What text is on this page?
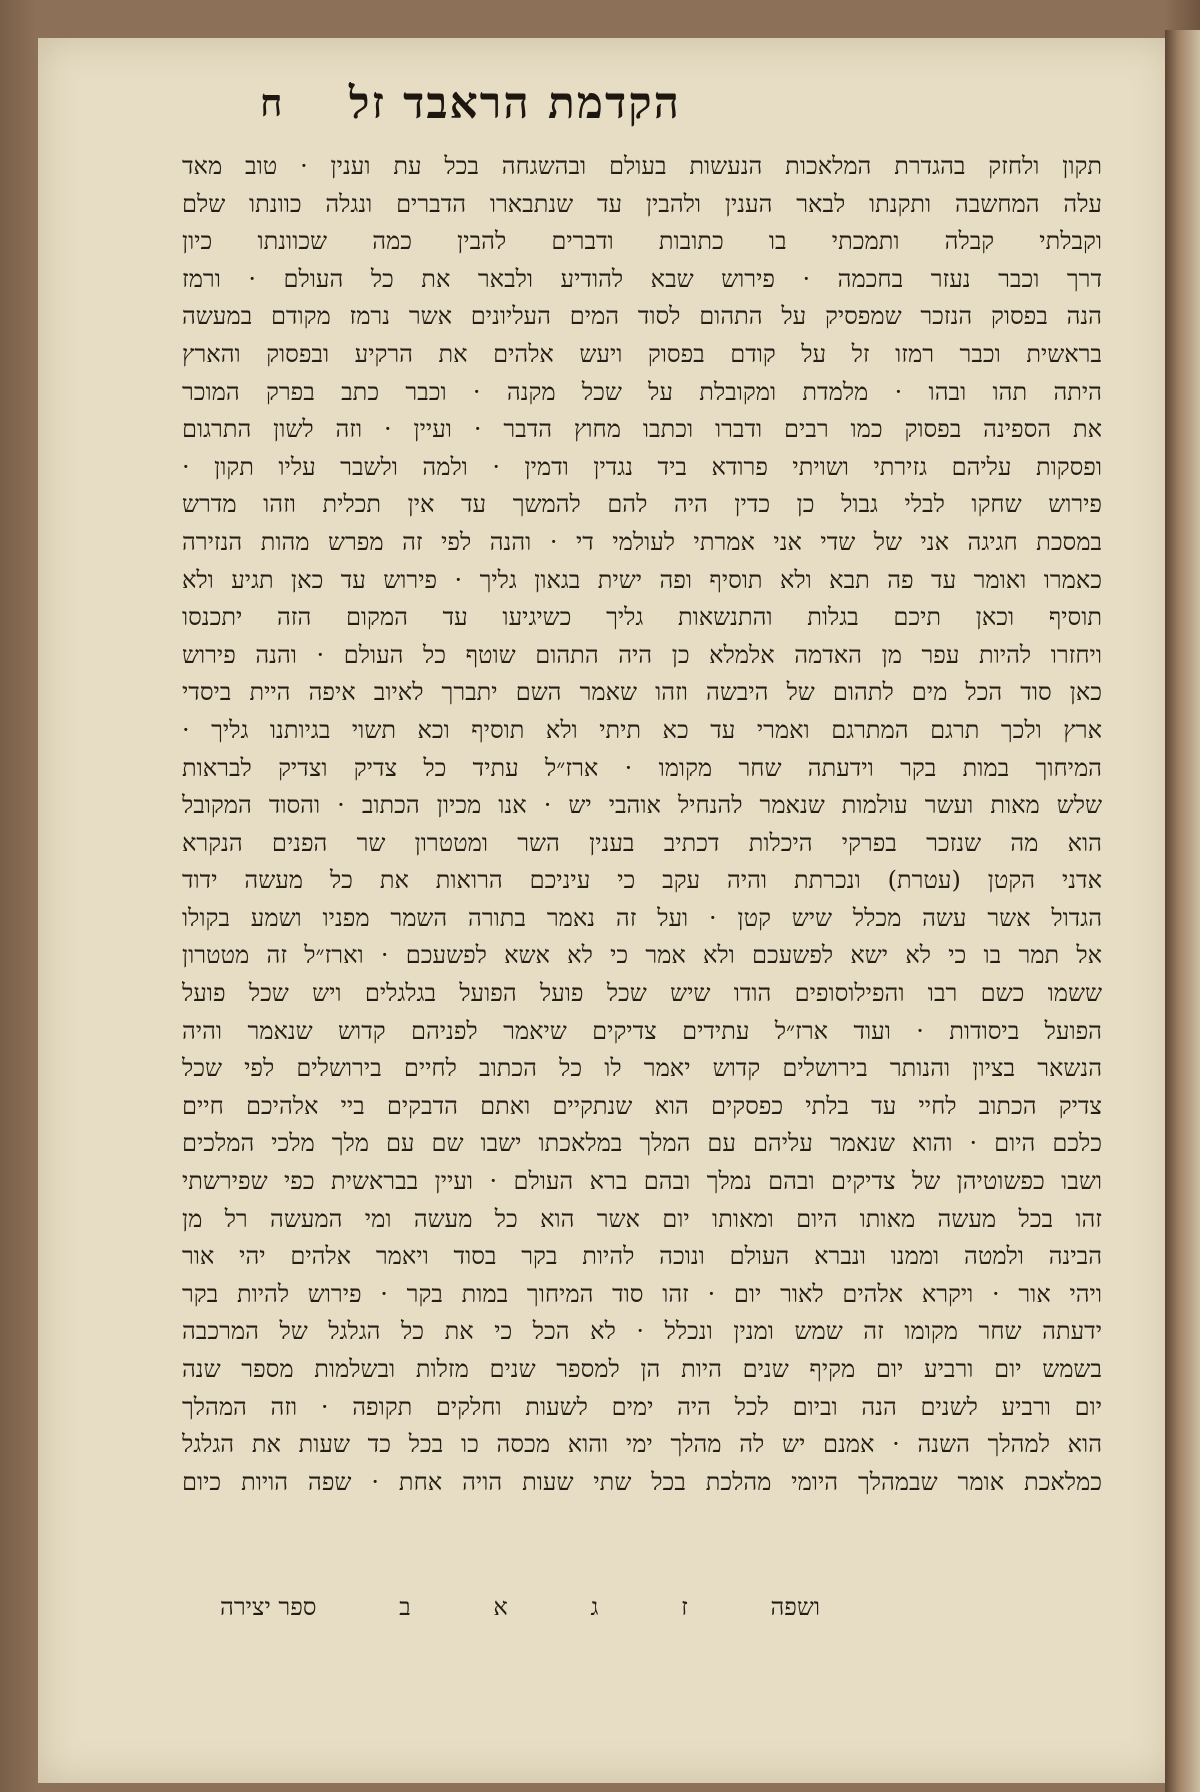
הקדמת הראבד זל
ח
תקון ולחזק בהגדרת המלאכות הנעשות בעולם ובהשגחה בכל עת וענין · טוב מאד
עלה המחשבה ותקנתו לבאר הענין ולהבין עד שנתבארו הדברים ונגלה כוונתו שלם
וקבלתי קבלה ותמכתי בו כתובות ודברים להבין כמה שכוונתו כיון
דרך וכבר נעזר בחכמה · פירוש שבא להודיע ולבאר את כל העולם · ורמז
הנה בפסוק הנזכר שמפסיק על התהום לסוד המים העליונים אשר נרמז מקודם במעשה
בראשית וכבר רמזו זל על קודם בפסוק ויעש אלהים את הרקיע ובפסוק והארץ
היתה תהו ובהו · מלמדת ומקובלת על שכל מקנה · וכבר כתב בפרק המוכר
את הספינה בפסוק כמו רבים ודברו וכתבו מחוץ הדבר · ועיין · וזה לשון התרגום
ופסקות עליהם גזירתי ושויתי פרודא ביד נגדין ודמין · ולמה ולשבר עליו תקון ·
פירוש שחקו לבלי גבול כן כדין היה להם להמשך עד אין תכלית וזהו מדרש
במסכת חגיגה אני של שדי אני אמרתי לעולמי די · והנה לפי זה מפרש מהות הנזירה
כאמרו ואומר עד פה תבא ולא תוסיף ופה ישית בגאון גליך · פירוש עד כאן תגיע ולא
תוסיף וכאן תיכם בגלות והתנשאות גליך כשיגיעו עד המקום הזה יתכנסו
ויחזרו להיות עפר מן האדמה אלמלא כן היה התהום שוטף כל העולם · והנה פירוש
כאן סוד הכל מים לתהום של היבשה וזהו שאמר השם יתברך לאיוב איפה היית ביסדי
ארץ ולכך תרגם המתרגם ואמרי עד כא תיתי ולא תוסיף וכא תשוי בגיותנו גליך ·
המיחוך במות בקר וידעתה שחר מקומו · ארז״ל עתיד כל צדיק וצדיק לבראות
שלש מאות ועשר עולמות שנאמר להנחיל אוהבי יש · אנו מכיון הכתוב · והסוד המקובל
הוא מה שנזכר בפרקי היכלות דכתיב בענין השר ומטטרון שר הפנים הנקרא
אדני הקטן (עטרת) ונכרתת והיה עקב כי עיניכם הרואות את כל מעשה ידוד
הגדול אשר עשה מכלל שיש קטן · ועל זה נאמר בתורה השמר מפניו ושמע בקולו
אל תמר בו כי לא ישא לפשעכם ולא אמר כי לא אשא לפשעכם · וארז״ל זה מטטרון
ששמו כשם רבו והפילוסופים הודו שיש שכל פועל הפועל בגלגלים ויש שכל פועל
הפועל ביסודות · ועוד ארז״ל עתידים צדיקים שיאמר לפניהם קדוש שנאמר והיה
הנשאר בציון והנותר בירושלים קדוש יאמר לו כל הכתוב לחיים בירושלים לפי שכל
צדיק הכתוב לחיי עד בלתי כפסקים הוא שנתקיים ואתם הדבקים ביי אלהיכם חיים
כלכם היום · והוא שנאמר עליהם עם המלך במלאכתו ישבו שם עם מלך מלכי המלכים
ושבו כפשוטיהן של צדיקים ובהם נמלך ובהם ברא העולם · ועיין בבראשית כפי שפירשתי
זהו בכל מעשה מאותו היום ומאותו יום אשר הוא כל מעשה ומי המעשה רל מן
הבינה ולמטה וממנו ונברא העולם ונוכה להיות בקר בסוד ויאמר אלהים יהי אור
ויהי אור · ויקרא אלהים לאור יום · זהו סוד המיחוך במות בקר · פירוש להיות בקר
ידעתה שחר מקומו זה שמש ומנין ונכלל · לא הכל כי את כל הגלגל של המרכבה
בשמש יום ורביע יום מקיף שנים היות הן למספר שנים מזלות ובשלמות מספר שנה
יום ורביע לשנים הנה וביום לכל היה ימים לשעות וחלקים תקופה · וזה המהלך
הוא למהלך השנה · אמנם יש לה מהלך ימי והוא מכסה כו בכל כד שעות את הגלגל
כמלאכת אומר שבמהלך היומי מהלכת בכל שתי שעות הויה אחת · שפה הויות כיום
ושפה
ז
ג
א
ב
ספר יצירה
